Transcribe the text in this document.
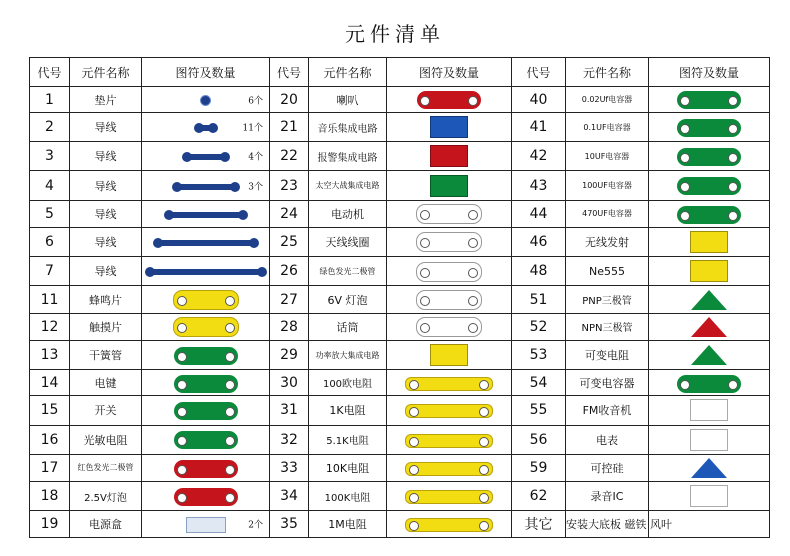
元件清单
代号	元件名称	图符及数量	代号	元件名称	图符及数量	代号	元件名称	图符及数量
1	垫片	6个	20	喇叭		40	0.02Uf电容器	

2	导线	11个	21	音乐集成电路		41	0.1UF电容器	

3	导线	4个	22	报警集成电路		42	10UF电容器	

4	导线	3个	23	太空大战集成电路		43	100UF电容器	

5	导线		24	电动机		44	470UF电容器	

6	导线		25	天线线圈		46	无线发射	
7	导线		26	绿色发光二极管		48	Ne555	
11	蜂鸣片		27	6V 灯泡		51	PNP三极管	
12	触摸片		28	话筒		52	NPN三极管	
13	干簧管		29	功率放大集成电路		53	可变电阻	
14	电键		30	100欧电阻		54	可变电容器	

15	开关		31	1K电阻		55	FM收音机	
16	光敏电阻		32	5.1K电阻		56	电表	
17	红色发光二极管		33	10K电阻		59	可控硅	
18	2.5V灯泡		34	100K电阻		62	录音IC	
19	电源盒	2个	35	1M电阻		其它	安装大底板 磁铁 风叶	
